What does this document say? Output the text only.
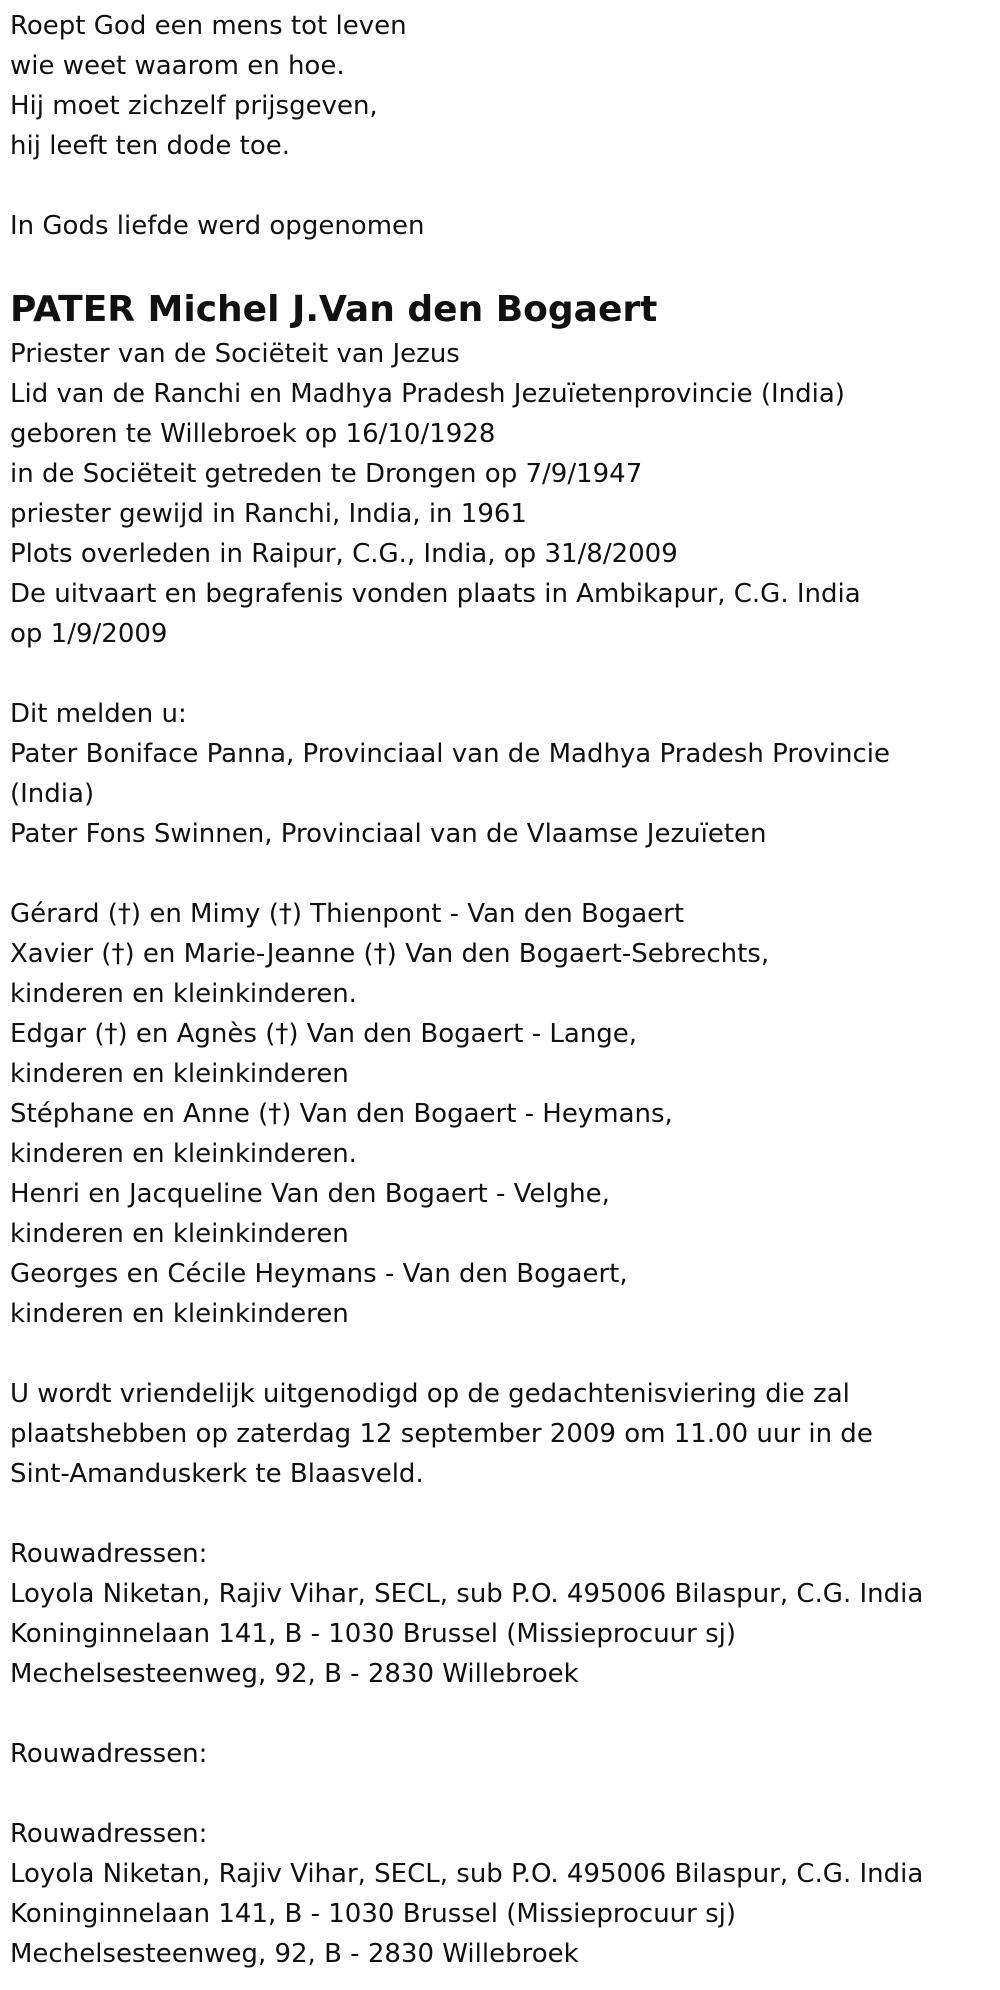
Roept God een mens tot leven
wie weet waarom en hoe.
Hij moet zichzelf prijsgeven,
hij leeft ten dode toe.
In Gods liefde werd opgenomen
PATER Michel J.Van den Bogaert
Priester van de Sociëteit van Jezus
Lid van de Ranchi en Madhya Pradesh Jezuïetenprovincie (India)
geboren te Willebroek op 16/10/1928
in de Sociëteit getreden te Drongen op 7/9/1947
priester gewijd in Ranchi, India, in 1961
Plots overleden in Raipur, C.G., India, op 31/8/2009
De uitvaart en begrafenis vonden plaats in Ambikapur, C.G. India
op 1/9/2009
Dit melden u:
Pater Boniface Panna, Provinciaal van de Madhya Pradesh Provincie
(India)
Pater Fons Swinnen, Provinciaal van de Vlaamse Jezuïeten
Gérard (†) en Mimy (†) Thienpont - Van den Bogaert
Xavier (†) en Marie-Jeanne (†) Van den Bogaert-Sebrechts,
kinderen en kleinkinderen.
Edgar (†) en Agnès (†) Van den Bogaert - Lange,
kinderen en kleinkinderen
Stéphane en Anne (†) Van den Bogaert - Heymans,
kinderen en kleinkinderen.
Henri en Jacqueline Van den Bogaert - Velghe,
kinderen en kleinkinderen
Georges en Cécile Heymans - Van den Bogaert,
kinderen en kleinkinderen
U wordt vriendelijk uitgenodigd op de gedachtenisviering die zal
plaatshebben op zaterdag 12 september 2009 om 11.00 uur in de
Sint-Amanduskerk te Blaasveld.
Rouwadressen:
Loyola Niketan, Rajiv Vihar, SECL, sub P.O. 495006 Bilaspur, C.G. India
Koninginnelaan 141, B - 1030 Brussel (Missieprocuur sj)
Mechelsesteenweg, 92, B - 2830 Willebroek
Rouwadressen:
Rouwadressen:
Loyola Niketan, Rajiv Vihar, SECL, sub P.O. 495006 Bilaspur, C.G. India
Koninginnelaan 141, B - 1030 Brussel (Missieprocuur sj)
Mechelsesteenweg, 92, B - 2830 Willebroek
